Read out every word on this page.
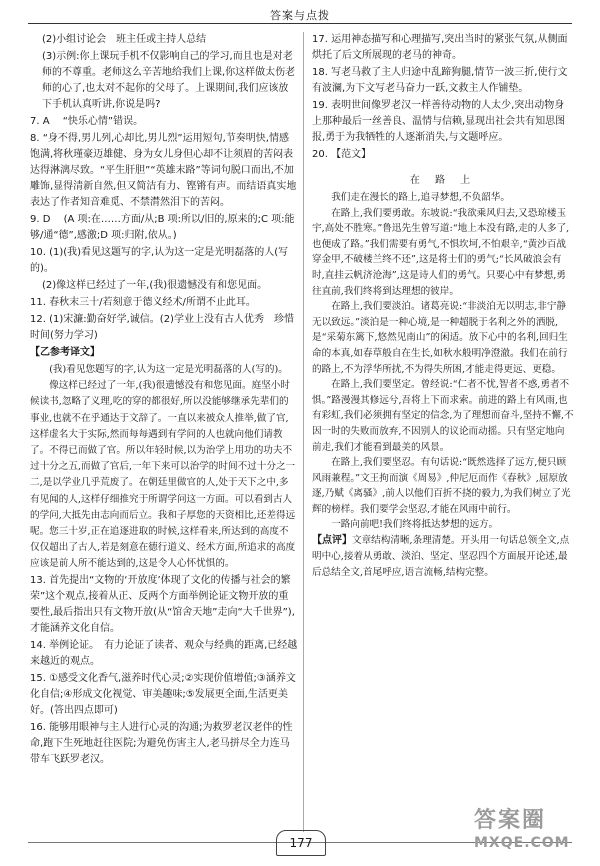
答案与点拨
(2)小组讨论会　班主任或主持人总结
(3)示例:你上课玩手机不仅影响自己的学习,而且也是对老师的不尊重。老师这么辛苦地给我们上课,你这样做太伤老师的心了,也太对不起你的父母了。上课期间,我们应该放下手机认真听讲,你说是吗?
7. A 　“快乐心情”错误。
8. “身不得,男儿列,心却比,男儿烈”运用短句,节奏明快,情感饱满,将秋瑾豪迈雄健、身为女儿身但心却不让须眉的苦闷表达得淋漓尽致。“平生肝胆”“英雄末路”等词句脱口而出,不加雕饰,显得清新自然,但又简洁有力、铿锵有声。而结语真实地表达了作者知音难觅、不禁潸然泪下的苦闷。
9. D 　(A 项:在……方面/从;B 项:所以/旧的,原来的;C 项:能够/通“德”,感激;D 项:归附,依从。)
10. (1)(我)看见这题写的字,认为这一定是光明磊落的人(写的)。
(2)像这样已经过了一年,(我)很遗憾没有和您见面。
11. 春秋末三十/若刻意于德义经术/所谓不止此耳。
12. (1)宋濂:勤奋好学,诚信。(2)学业上没有古人优秀　珍惜时间(努力学习)
【乙参考译文】

(我)看见您题写的字,认为这一定是光明磊落的人(写的)。

像这样已经过了一年,(我)很遗憾没有和您见面。庭坚小时候读书,忽略了义理,吃的穿的都很好,所以没能够继承先辈们的事业,也就不在乎通达于文辞了。一直以来被众人推举,做了官,这样虚名大于实际,然而每每遇到有学问的人也就向他们请教了。不得已而做了官。所以年轻时候,以为治学上用功的功夫不过十分之五,而做了官后,一年下来可以治学的时间不过十分之一二,是以学业几乎荒废了。在朝廷里做官的人,处于天下之中,多有见闻的人,这样仔细推究于所谓学问这一方面。可以看到古人的学问,大抵先由志向而后立。我和子厚您的天资相比,还差得远呢。您三十岁,正在追逐进取的时候,这样看来,所达到的高度不仅仅超出了古人,若是刻意在德行道义、经术方面,所追求的高度应该是前人所不能达到的,这是令人心怀忧惧的。

13. 首先提出“文物的‘开放度’体现了文化的传播与社会的繁荣”这个观点,接着从正、反两个方面举例论证文物开放的重要性,最后指出只有文物开放(从“馆舍天地”走向“大千世界”),才能涵养文化自信。
14. 举例论证。　有力论证了读者、观众与经典的距离,已经越来越近的观点。
15. ①感受文化香气,滋养时代心灵;②实现价值增值;③涵养文化自信;④形成文化视觉、审美趣味;⑤发展更全面,生活更美好。(答出四点即可)
16. 能够用眼神与主人进行心灵的沟通;为救罗老汉老伴的性命,跑下生死地赶往医院;为避免伤害主人,老马拼尽全力连马带车飞跃罗老汉。
17. 运用神态描写和心理描写,突出当时的紧张气氛,从侧面烘托了后文所展现的老马的神奇。
18. 写老马救了主人归途中乱蹄狗腿,情节一波三折,使行文有波澜,为下文写老马奋力一跃,文救主人作铺垫。
19. 表明世间像罗老汉一样善待动物的人太少,突出动物身上那种最后一丝善良、温情与信赖,显现出社会共有知思图报,勇于为我牺牲的人逐渐消失,与文题呼应。
20. 【范文】
在 路 上

我们走在漫长的路上,追寻梦想,不负韶华。

在路上,我们要勇敢。东坡说:“我欲乘风归去,又恐琼楼玉宇,高处不胜寒。”鲁迅先生曾写道:“地上本没有路,走的人多了,也便成了路。”我们需要有勇气,不惧坎坷,不怕艰辛,“黄沙百战穿金甲,不破楼兰终不还”,这是将士们的勇气;“长风破浪会有时,直挂云帆济沧海”,这是诗人们的勇气。只要心中有梦想,勇往直前,我们终将到达理想的彼岸。

在路上,我们要淡泊。诸葛亮说:“非淡泊无以明志,非宁静无以致远。”淡泊是一种心境,是一种超脱于名利之外的洒脱,是“采菊东篱下,悠然见南山”的闲适。放下心中的名利,回归生命的本真,如春草般自在生长,如秋水般明净澄澈。我们在前行的路上,不为浮华所扰,不为得失所困,才能走得更远、更稳。

在路上,我们要坚定。曾经说:“仁者不忧,智者不惑,勇者不惧。”路漫漫其修远兮,吾将上下而求索。前进的路上有风雨,也有彩虹,我们必须拥有坚定的信念,为了理想而奋斗,坚持不懈,不因一时的失败而放弃,不因别人的议论而动摇。只有坚定地向前走,我们才能看到最美的风景。

在路上,我们要坚忍。有句话说:“既然选择了远方,便只顾风雨兼程。”文王拘而演《周易》,仲尼厄而作《春秋》,屈原放逐,乃赋《离骚》,前人以他们百折不挠的毅力,为我们树立了光辉的榜样。我们要学会坚忍,才能在风雨中前行。

一路向前吧!我们终将抵达梦想的远方。

【点评】文章结构清晰,条理清楚。开头用一句话总领全文,点明中心,接着从勇敢、淡泊、坚定、坚忍四个方面展开论述,最后总结全文,首尾呼应,语言流畅,结构完整。
177
答案圈
MXQE.COM
